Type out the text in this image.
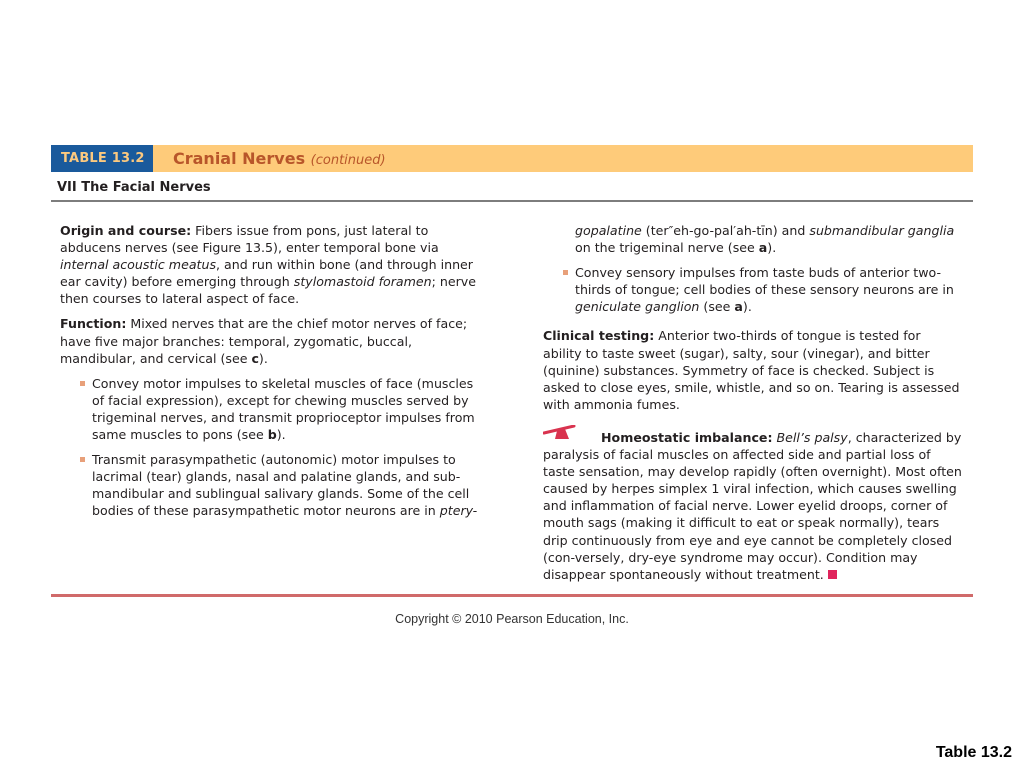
TABLE 13.2	Cranial Nerves (continued)
VII The Facial Nerves

Origin and course: Fibers issue from pons, just lateral to abducens nerves (see Figure 13.5), enter temporal bone via internal acoustic meatus, and run within bone (and through inner ear cavity) before emerging through stylomastoid foramen; nerve then courses to lateral aspect of face.

Function: Mixed nerves that are the chief motor nerves of face; have five major branches: temporal, zygomatic, buccal, mandibular, and cervical (see c).

Convey motor impulses to skeletal muscles of face (muscles of facial expression), except for chewing muscles served by trigeminal nerves, and transmit proprioceptor impulses from same muscles to pons (see b).

Transmit parasympathetic (autonomic) motor impulses to lacrimal (tear) glands, nasal and palatine glands, and sub-mandibular and sublingual salivary glands. Some of the cell bodies of these parasympathetic motor neurons are in ptery-

gopalatine (ter″eh-go-pal′ah-tīn) and submandibular ganglia on the trigeminal nerve (see a).

Convey sensory impulses from taste buds of anterior two-thirds of tongue; cell bodies of these sensory neurons are in geniculate ganglion (see a).

Clinical testing: Anterior two-thirds of tongue is tested for ability to taste sweet (sugar), salty, sour (vinegar), and bitter (quinine) substances. Symmetry of face is checked. Subject is asked to close eyes, smile, whistle, and so on. Tearing is assessed with ammonia fumes.

Homeostatic imbalance: Bell’s palsy, characterized by paralysis of facial muscles on affected side and partial loss of taste sensation, may develop rapidly (often overnight). Most often caused by herpes simplex 1 viral infection, which causes swelling and inflammation of facial nerve. Lower eyelid droops, corner of mouth sags (making it difficult to eat or speak normally), tears drip continuously from eye and eye cannot be completely closed (con-versely, dry-eye syndrome may occur). Condition may disappear spontaneously without treatment.

Copyright © 2010 Pearson Education, Inc.
Table 13.2
